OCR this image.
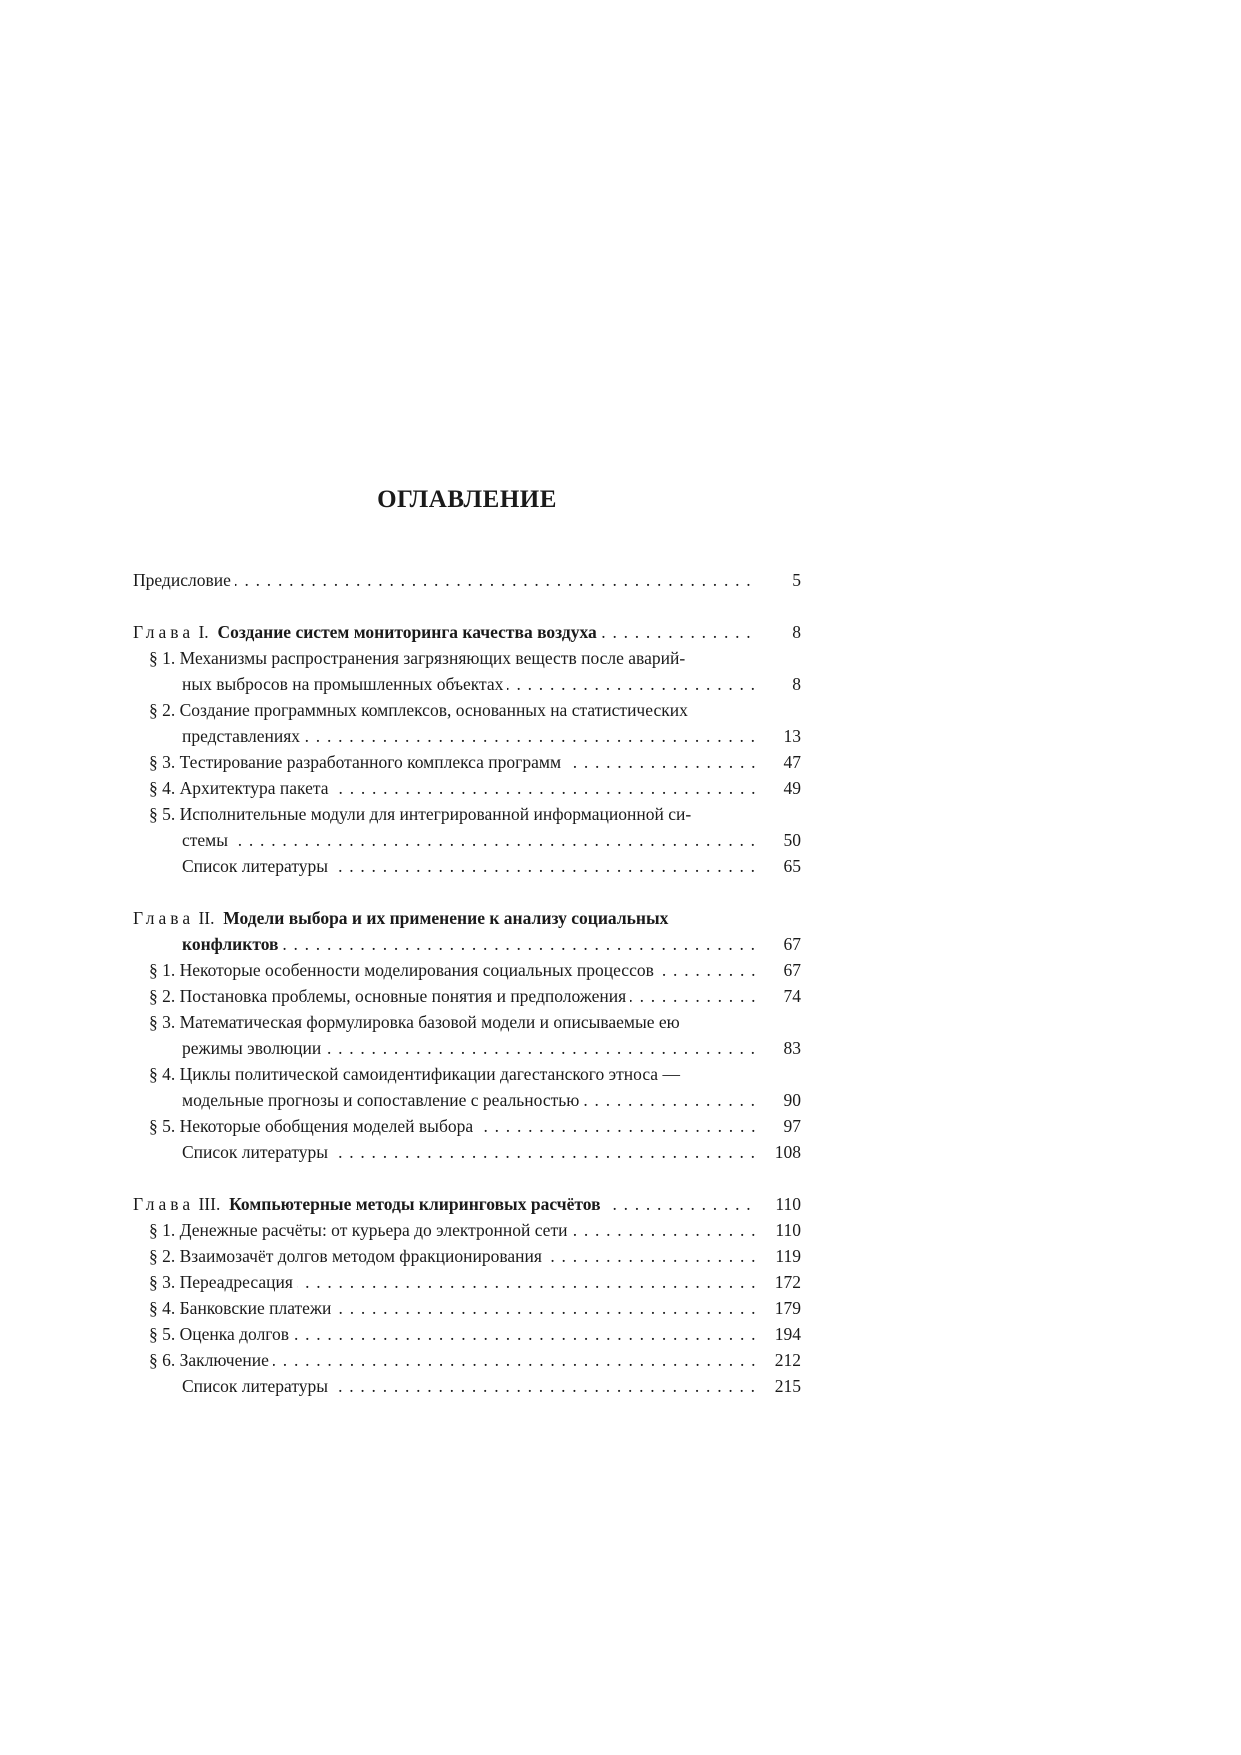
ОГЛАВЛЕНИЕ
Предисловие . . .	5
Глава I. Создание систем мониторинга качества воздуха . . .	8
§ 1. Механизмы распространения загрязняющих веществ после аварий-
ных выбросов на промышленных объектах . . .	8
§ 2. Создание программных комплексов, основанных на статистических
представлениях . . .	13
§ 3. Тестирование разработанного комплекса программ . . .	47
§ 4. Архитектура пакета . . .	49
§ 5. Исполнительные модули для интегрированной информационной си-
стемы . . .	50
Список литературы . . .	65
Глава II. Модели выбора и их применение к анализу социальных
конфликтов . . .	67
§ 1. Некоторые особенности моделирования социальных процессов . . .	67
§ 2. Постановка проблемы, основные понятия и предположения . . .	74
§ 3. Математическая формулировка базовой модели и описываемые ею
режимы эволюции . . .	83
§ 4. Циклы политической самоидентификации дагестанского этноса —
модельные прогнозы и сопоставление с реальностью . . .	90
§ 5. Некоторые обобщения моделей выбора . . .	97
Список литературы . . .	108
Глава III. Компьютерные методы клиринговых расчётов . . .	110
§ 1. Денежные расчёты: от курьера до электронной сети . . .	110
§ 2. Взаимозачёт долгов методом фракционирования . . .	119
§ 3. Переадресация . . .	172
§ 4. Банковские платежи . . .	179
§ 5. Оценка долгов . . .	194
§ 6. Заключение . . .	212
Список литературы . . .	215
